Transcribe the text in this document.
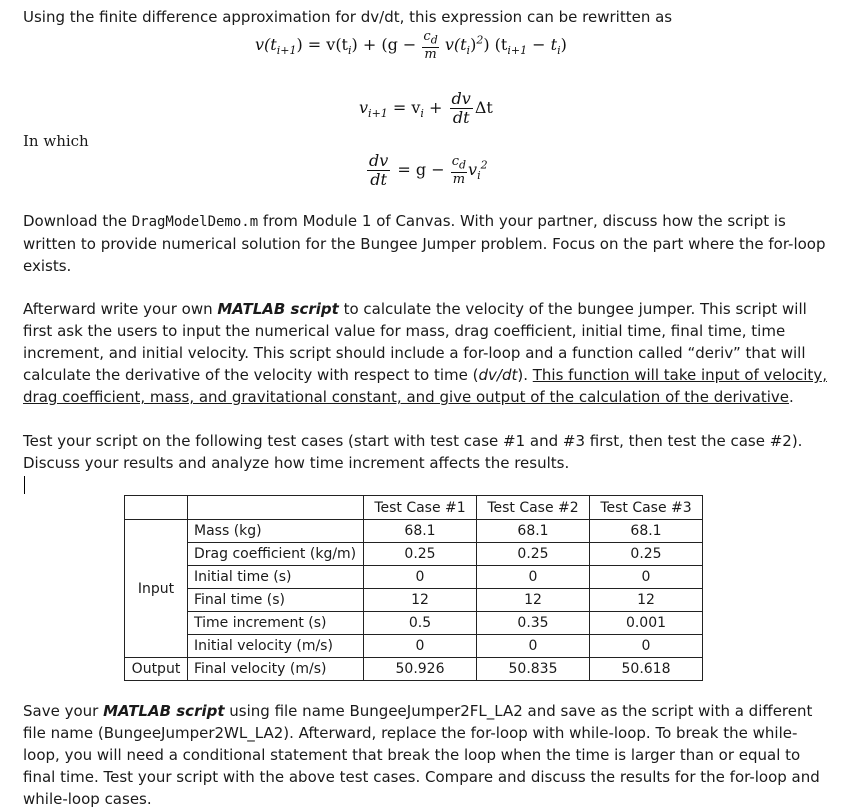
Using the finite difference approximation for dv/dt, this expression can be rewritten as

$v(t_{i+1}) = v(t_i) + (g - \frac{c_d}{m} v(t_i)^2) (t_{i+1} - t_i)$
$v_{i+1} = v_i + \frac{dv}{dt}$ Δt
In which
$\frac{dv}{dt} = g - \frac{c_d}{m} v_i^2$

Download the DragModelDemo.m from Module 1 of Canvas. With your partner, discuss how the script is written to provide numerical solution for the Bungee Jumper problem. Focus on the part where the for-loop exists.

Afterward write your own MATLAB script to calculate the velocity of the bungee jumper. This script will first ask the users to input the numerical value for mass, drag coefficient, initial time, final time, time increment, and initial velocity. This script should include a for-loop and a function called “deriv” that will calculate the derivative of the velocity with respect to time (dv/dt). This function will take input of velocity, drag coefficient, mass, and gravitational constant, and give output of the calculation of the derivative.

Test your script on the following test cases (start with test case #1 and #3 first, then test the case #2). Discuss your results and analyze how time increment affects the results.

		Test Case #1	Test Case #2	Test Case #3
Input	Mass (kg)	68.1	68.1	68.1
	Drag coefficient (kg/m)	0.25	0.25	0.25
	Initial time (s)	0	0	0
	Final time (s)	12	12	12
	Time increment (s)	0.5	0.35	0.001
	Initial velocity (m/s)	0	0	0
Output	Final velocity (m/s)	50.926	50.835	50.618

Save your MATLAB script using file name BungeeJumper2FL_LA2 and save as the script with a different file name (BungeeJumper2WL_LA2). Afterward, replace the for-loop with while-loop. To break the while-loop, you will need a conditional statement that break the loop when the time is larger than or equal to final time. Test your script with the above test cases. Compare and discuss the results for the for-loop and while-loop cases.
